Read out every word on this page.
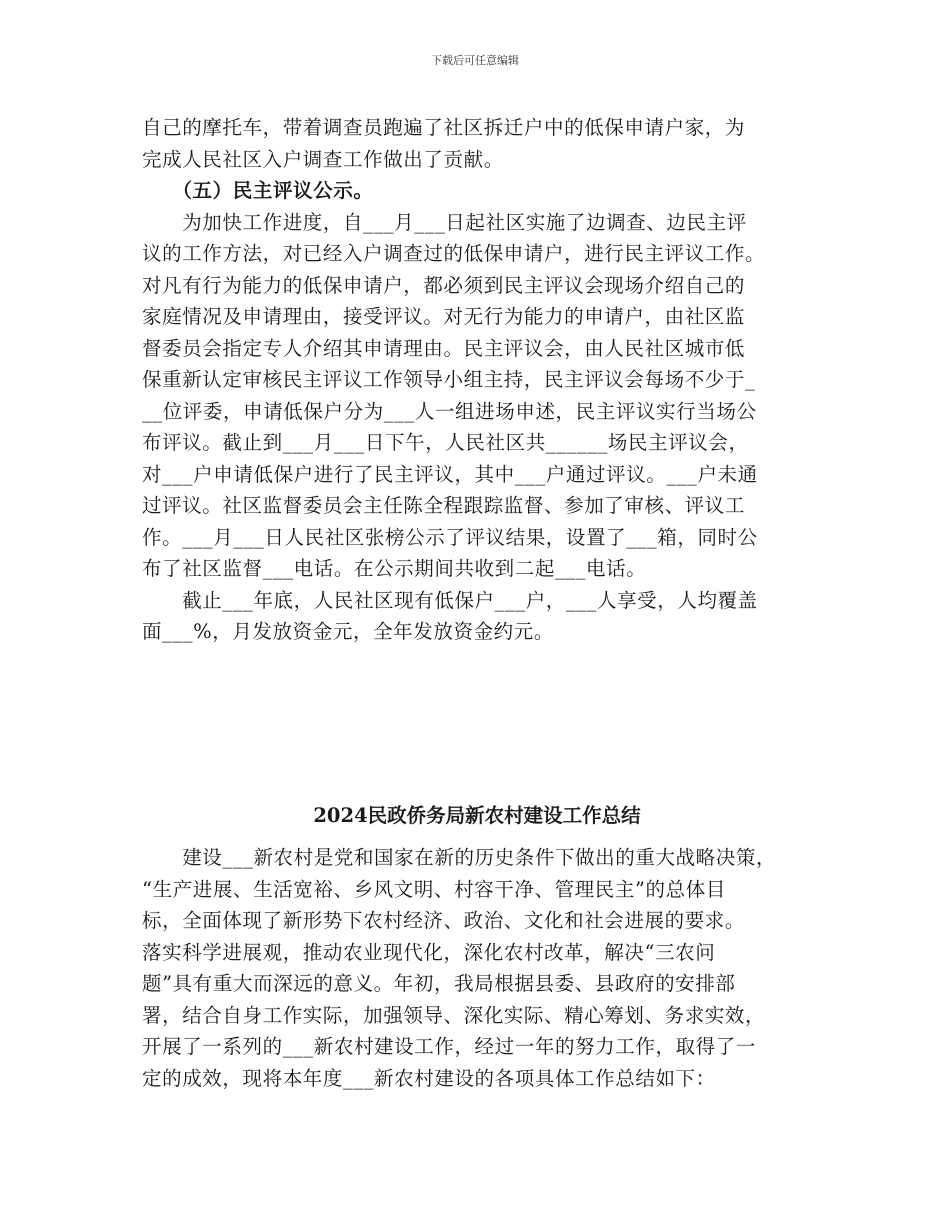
下载后可任意编辑
自己的摩托车，带着调查员跑遍了社区拆迁户中的低保申请户家，为
完成人民社区入户调查工作做出了贡献。
　　（五）民主评议公示。
　　为加快工作进度，自___月___日起社区实施了边调查、边民主评
议的工作方法，对已经入户调查过的低保申请户，进行民主评议工作。
对凡有行为能力的低保申请户，都必须到民主评议会现场介绍自己的
家庭情况及申请理由，接受评议。对无行为能力的申请户，由社区监
督委员会指定专人介绍其申请理由。民主评议会，由人民社区城市低
保重新认定审核民主评议工作领导小组主持，民主评议会每场不少于_
__位评委，申请低保户分为___人一组进场申述，民主评议实行当场公
布评议。截止到___月___日下午，人民社区共______场民主评议会，
对___户申请低保户进行了民主评议，其中___户通过评议。___户未通
过评议。社区监督委员会主任陈全程跟踪监督、参加了审核、评议工
作。___月___日人民社区张榜公示了评议结果，设置了___箱，同时公
布了社区监督___电话。在公示期间共收到二起___电话。
　　截止___年底，人民社区现有低保户___户，___人享受，人均覆盖
面___%，月发放资金元，全年发放资金约元。
2024民政侨务局新农村建设工作总结
　　建设___新农村是党和国家在新的历史条件下做出的重大战略决策，
“生产进展、生活宽裕、乡风文明、村容干净、管理民主”的总体目
标，全面体现了新形势下农村经济、政治、文化和社会进展的要求。
落实科学进展观，推动农业现代化，深化农村改革，解决“三农问
题”具有重大而深远的意义。年初，我局根据县委、县政府的安排部
署，结合自身工作实际，加强领导、深化实际、精心筹划、务求实效，
开展了一系列的___新农村建设工作，经过一年的努力工作，取得了一
定的成效，现将本年度___新农村建设的各项具体工作总结如下：
